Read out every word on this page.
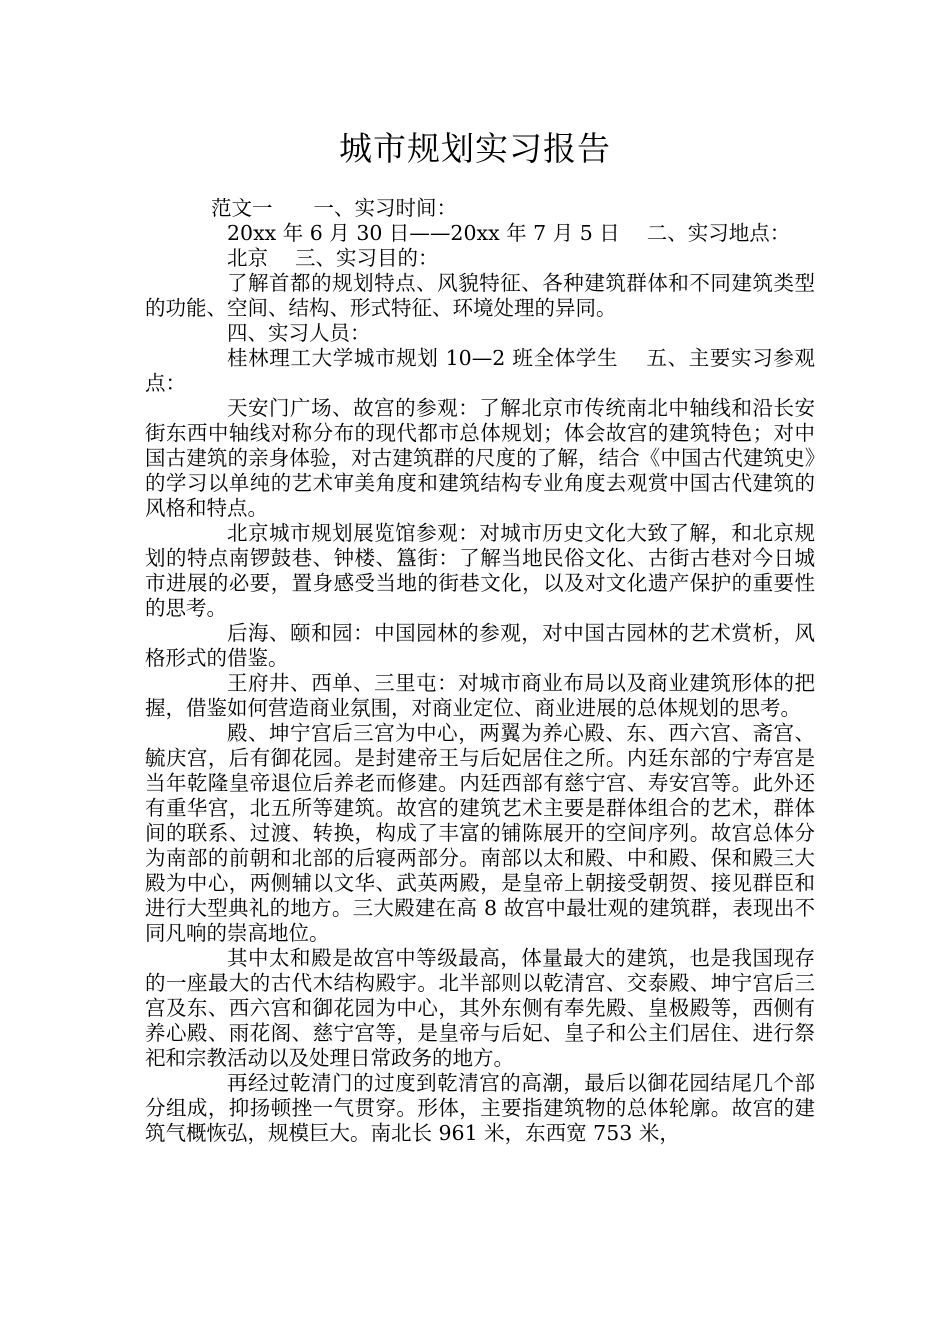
城市规划实习报告

范文一　　一、实习时间：

20xx 年 6 月 30 日——20xx 年 7 月 5 日　 二、实习地点：

北京　 三、实习目的：

了解首都的规划特点、风貌特征、各种建筑群体和不同建筑类型的功能、空间、结构、形式特征、环境处理的异同。

四、实习人员：

桂林理工大学城市规划 10—2 班全体学生　 五、主要实习参观点：

天安门广场、故宫的参观：了解北京市传统南北中轴线和沿长安街东西中轴线对称分布的现代都市总体规划；体会故宫的建筑特色；对中国古建筑的亲身体验，对古建筑群的尺度的了解，结合《中国古代建筑史》的学习以单纯的艺术审美角度和建筑结构专业角度去观赏中国古代建筑的风格和特点。

北京城市规划展览馆参观：对城市历史文化大致了解，和北京规划的特点南锣鼓巷、钟楼、簋街：了解当地民俗文化、古街古巷对今日城市进展的必要，置身感受当地的街巷文化，以及对文化遗产保护的重要性的思考。

后海、颐和园：中国园林的参观，对中国古园林的艺术赏析，风格形式的借鉴。

王府井、西单、三里屯：对城市商业布局以及商业建筑形体的把握，借鉴如何营造商业氛围，对商业定位、商业进展的总体规划的思考。

殿、坤宁宫后三宫为中心，两翼为养心殿、东、西六宫、斋宫、毓庆宫，后有御花园。是封建帝王与后妃居住之所。内廷东部的宁寿宫是当年乾隆皇帝退位后养老而修建。内廷西部有慈宁宫、寿安宫等。此外还有重华宫，北五所等建筑。故宫的建筑艺术主要是群体组合的艺术，群体间的联系、过渡、转换，构成了丰富的铺陈展开的空间序列。故宫总体分为南部的前朝和北部的后寝两部分。南部以太和殿、中和殿、保和殿三大殿为中心，两侧辅以文华、武英两殿，是皇帝上朝接受朝贺、接见群臣和进行大型典礼的地方。三大殿建在高 8 故宫中最壮观的建筑群，表现出不同凡响的崇高地位。

其中太和殿是故宫中等级最高，体量最大的建筑，也是我国现存的一座最大的古代木结构殿宇。北半部则以乾清宫、交泰殿、坤宁宫后三宫及东、西六宫和御花园为中心，其外东侧有奉先殿、皇极殿等，西侧有养心殿、雨花阁、慈宁宫等，是皇帝与后妃、皇子和公主们居住、进行祭祀和宗教活动以及处理日常政务的地方。

再经过乾清门的过度到乾清宫的高潮，最后以御花园结尾几个部分组成，抑扬顿挫一气贯穿。形体，主要指建筑物的总体轮廓。故宫的建筑气概恢弘，规模巨大。南北长 961 米，东西宽 753 米，
